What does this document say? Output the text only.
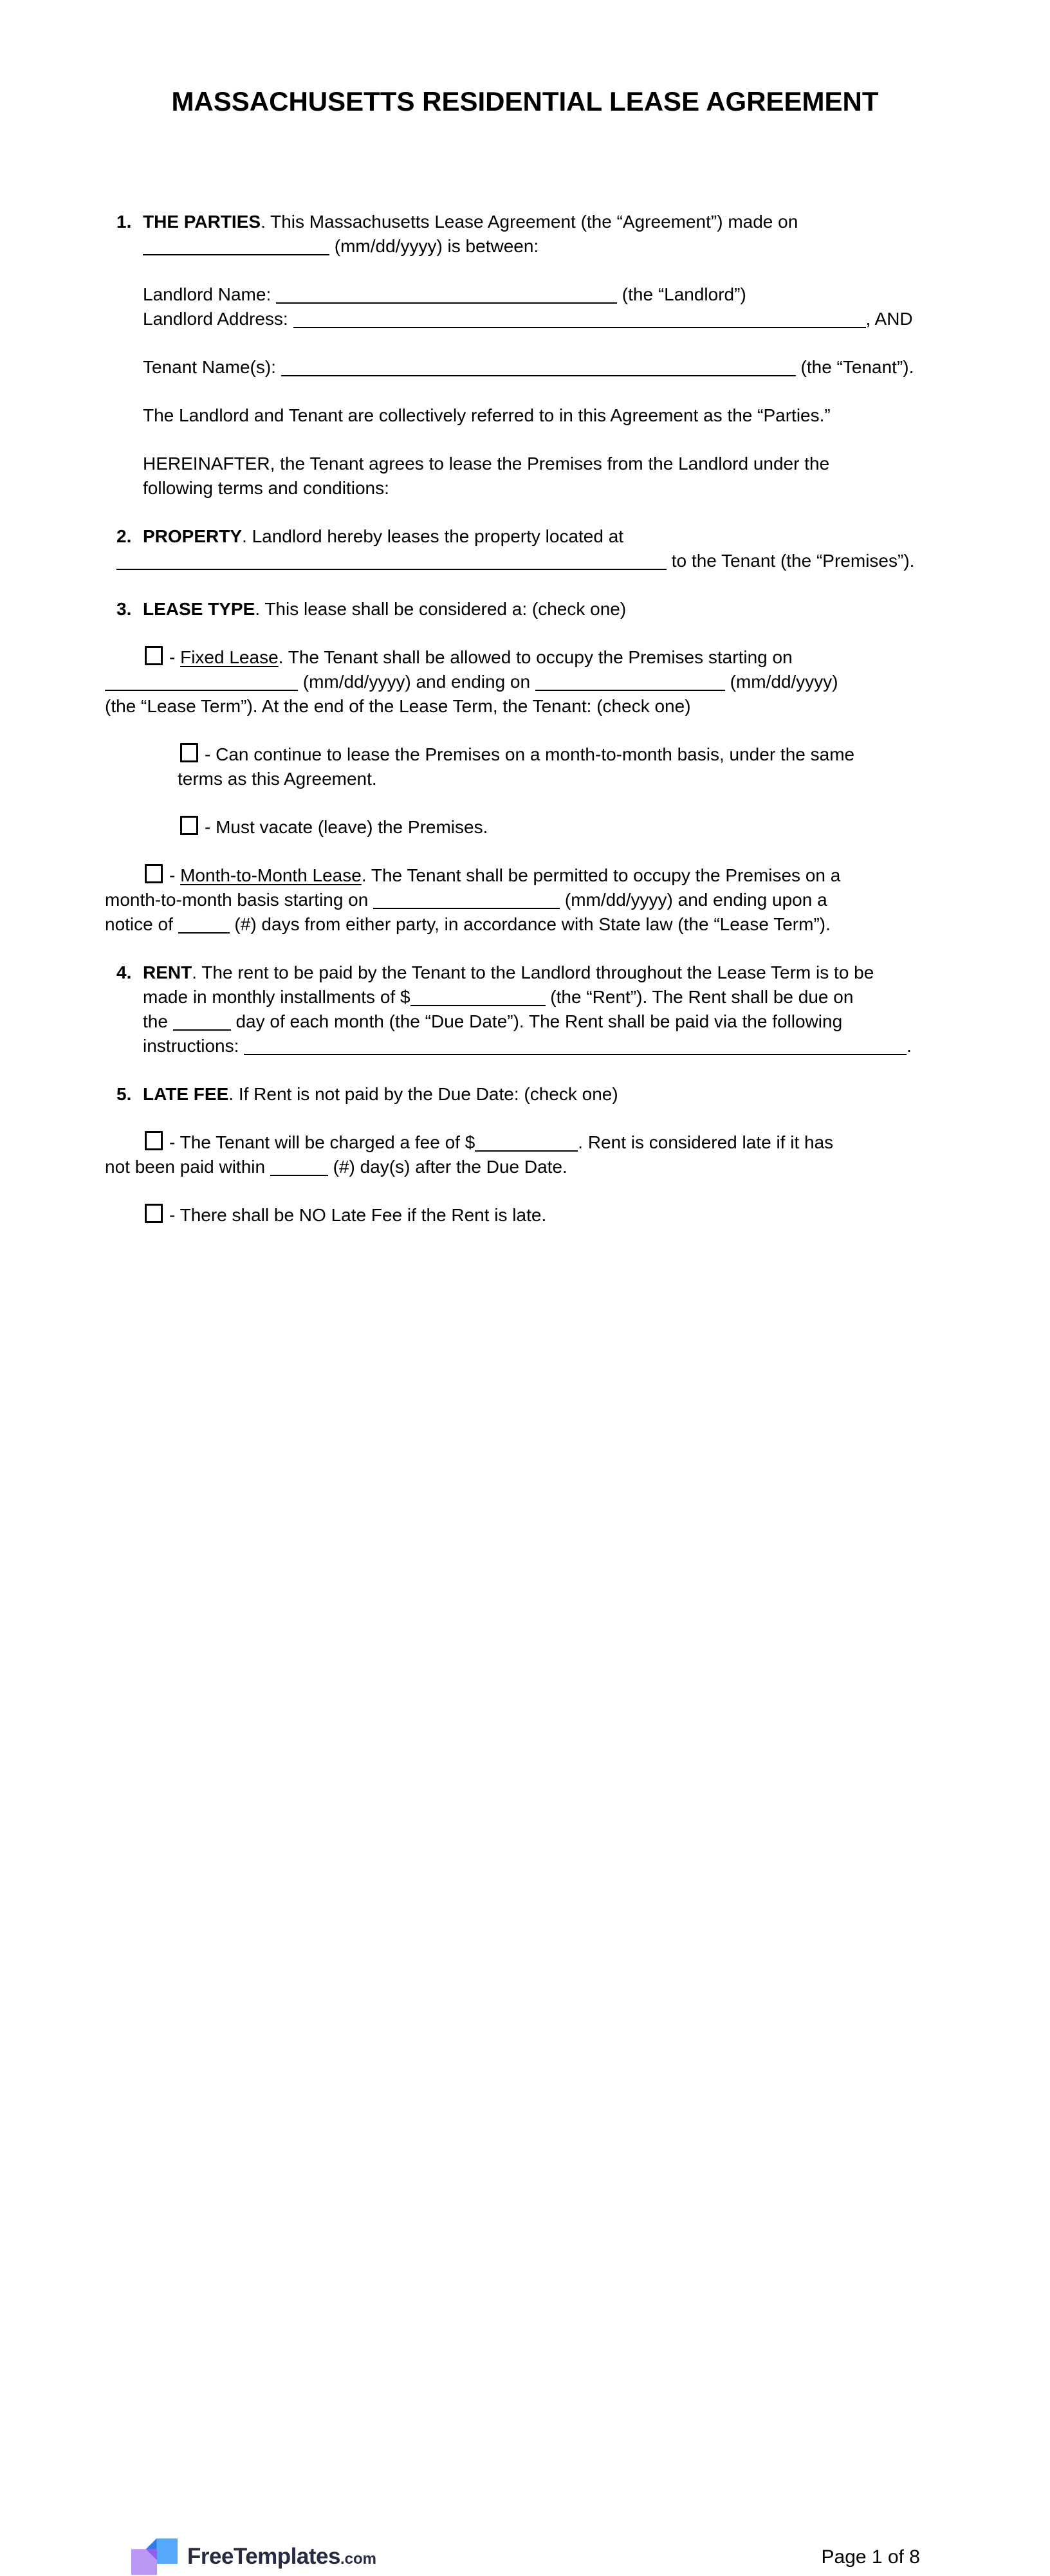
MASSACHUSETTS RESIDENTIAL LEASE AGREEMENT
1. THE PARTIES. This Massachusetts Lease Agreement (the “Agreement”) made on
(mm/dd/yyyy) is between:
Landlord Name:	(the “Landlord”)
Landlord Address:	, AND
Tenant Name(s):	(the “Tenant”).
The Landlord and Tenant are collectively referred to in this Agreement as the “Parties.”
HEREINAFTER, the Tenant agrees to lease the Premises from the Landlord under the
following terms and conditions:
2. PROPERTY. Landlord hereby leases the property located at
to the Tenant (the “Premises”).
3. LEASE TYPE. This lease shall be considered a: (check one)
- Fixed Lease. The Tenant shall be allowed to occupy the Premises starting on
(mm/dd/yyyy) and ending on	(mm/dd/yyyy)
(the “Lease Term”). At the end of the Lease Term, the Tenant: (check one)
- Can continue to lease the Premises on a month-to-month basis, under the same
terms as this Agreement.
- Must vacate (leave) the Premises.
- Month-to-Month Lease. The Tenant shall be permitted to occupy the Premises on a
month-to-month basis starting on	(mm/dd/yyyy) and ending upon a
notice of	(#) days from either party, in accordance with State law (the “Lease Term”).
4. RENT. The rent to be paid by the Tenant to the Landlord throughout the Lease Term is to be
made in monthly installments of $	(the “Rent”). The Rent shall be due on
the	day of each month (the “Due Date”). The Rent shall be paid via the following
instructions:	.
5. LATE FEE. If Rent is not paid by the Due Date: (check one)
- The Tenant will be charged a fee of $	. Rent is considered late if it has
not been paid within	(#) day(s) after the Due Date.
- There shall be NO Late Fee if the Rent is late.
FreeTemplates.com	Page 1 of 8
